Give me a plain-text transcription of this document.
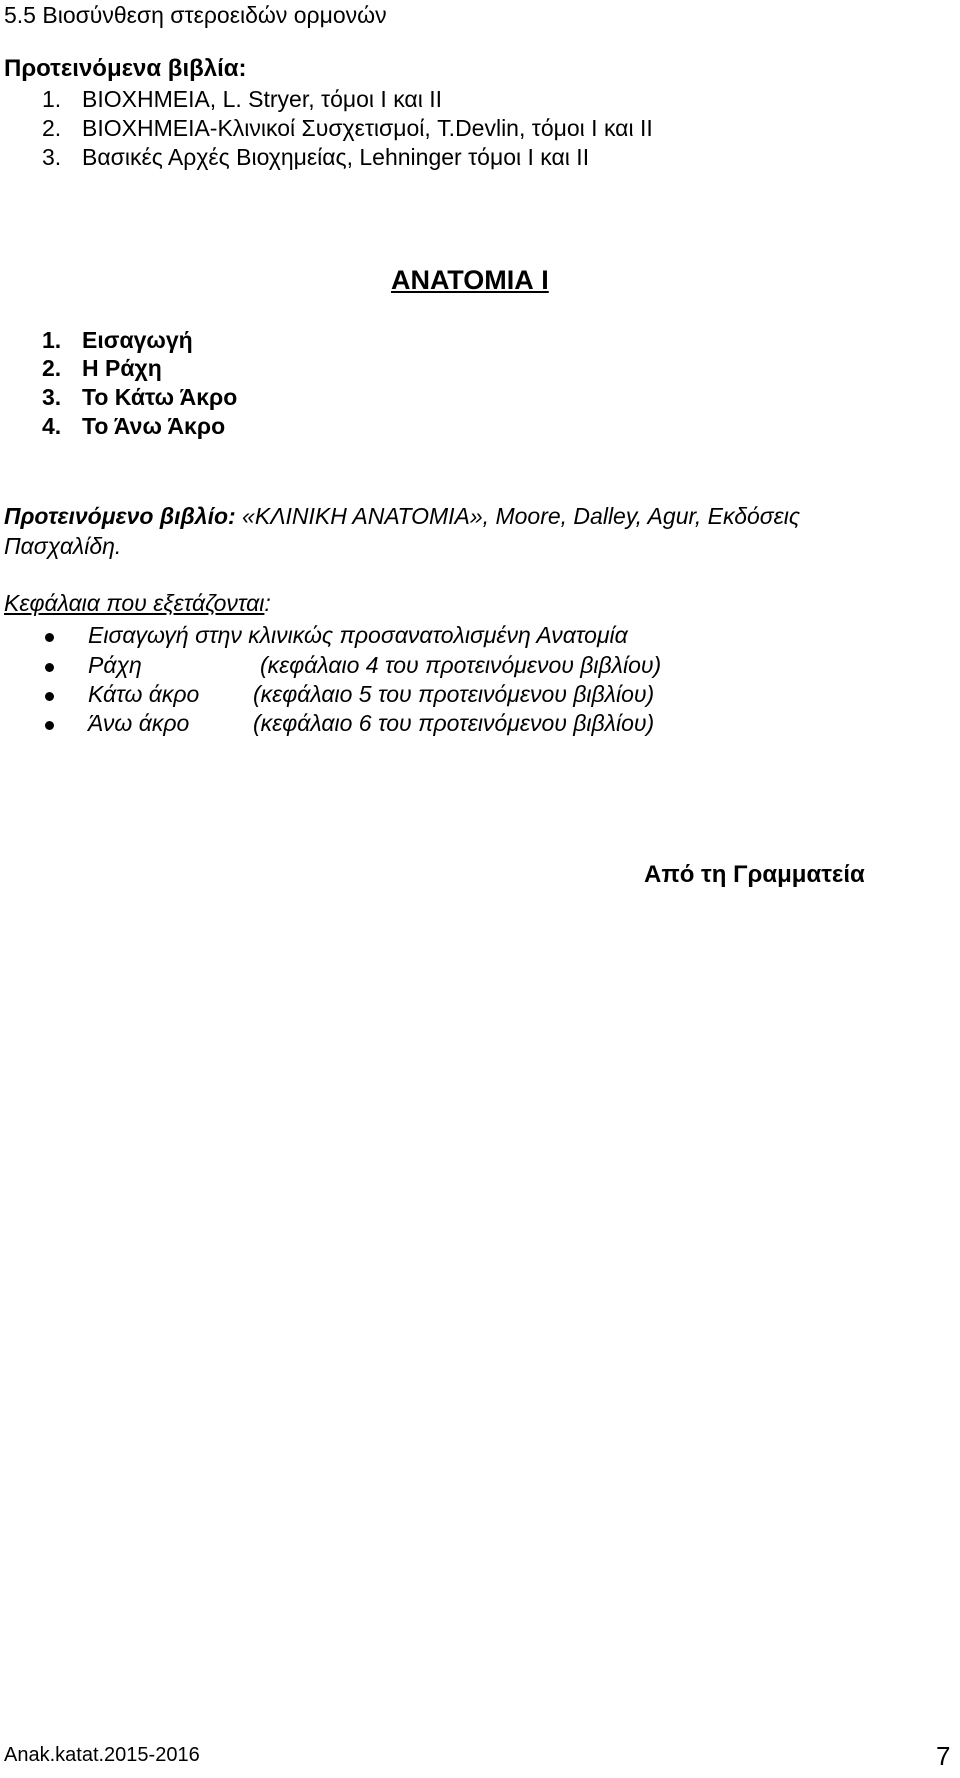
5.5 Βιοσύνθεση στεροειδών ορμονών
Προτεινόμενα βιβλία:
1. ΒΙΟΧΗΜΕΙΑ, L. Stryer, τόμοι Ι και ΙΙ
2. ΒΙΟΧΗΜΕΙΑ-Κλινικοί Συσχετισμοί, T.Devlin, τόμοι Ι και ΙΙ
3. Βασικές Αρχές Βιοχημείας, Lehninger τόμοι Ι και ΙΙ
ΑΝΑΤΟΜΙΑ Ι
1. Εισαγωγή
2. Η Ράχη
3. Το Κάτω Άκρο
4. Το Άνω Άκρο
Προτεινόμενο βιβλίο: «ΚΛΙΝΙΚΗ ΑΝΑΤΟΜΙΑ», Moore, Dalley, Agur, Εκδόσεις
Πασχαλίδη.
Κεφάλαια που εξετάζονται:
Εισαγωγή στην κλινικώς προσανατολισμένη Ανατομία
Ράχη	(κεφάλαιο 4 του προτεινόμενου βιβλίου)
Κάτω άκρο (κεφάλαιο 5 του προτεινόμενου βιβλίου)
Άνω άκρο	(κεφάλαιο 6 του προτεινόμενου βιβλίου)
Από τη Γραμματεία
Anak.katat.2015-2016	7
